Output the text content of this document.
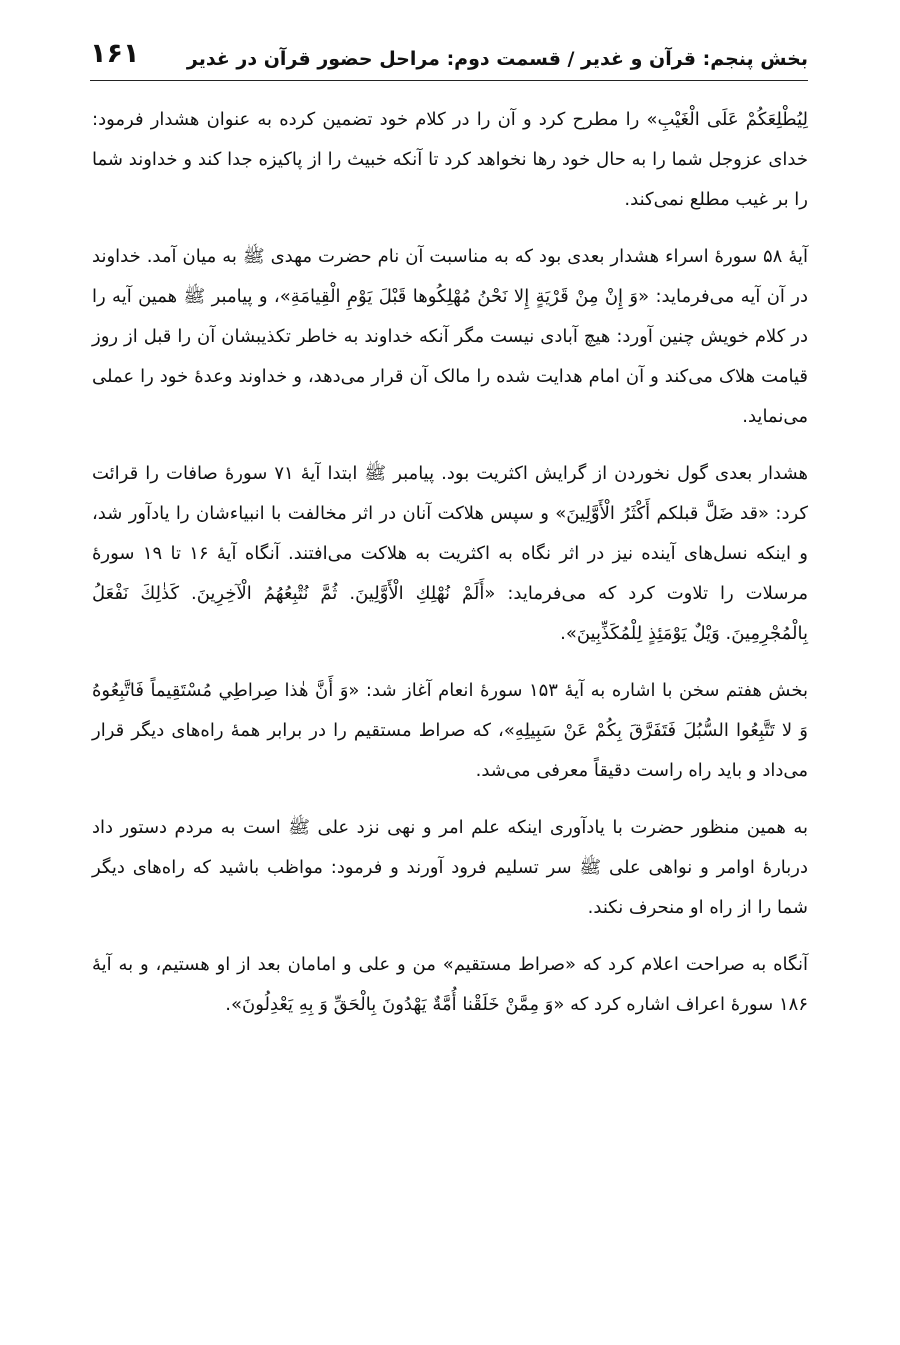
بخش پنجم: قرآن و غدیر / قسمت دوم: مراحل حضور قرآن در غدیر
۱۶۱

لِيُطْلِعَكُمْ عَلَى الْغَيْبِ» را مطرح کرد و آن را در کلام خود تضمین کرده به عنوان هشدار فرمود: خدای عزوجل شما را به حال خود رها نخواهد کرد تا آنکه خبیث را از پاکیزه جدا کند و خداوند شما را بر غیب مطلع نمی‌کند.

آیهٔ ۵۸ سورهٔ اسراء هشدار بعدی بود که به مناسبت آن نام حضرت مهدی ﷺ به میان آمد. خداوند در آن آیه می‌فرماید: «وَ إِنْ مِنْ قَرْيَةٍ إِلا نَحْنُ مُهْلِكُوها قَبْلَ يَوْمِ الْقِيامَةِ»، و پیامبر ﷺ همین آیه را در کلام خویش چنین آورد: هیچ آبادی نیست مگر آنکه خداوند به خاطر تکذیبشان آن را قبل از روز قیامت هلاک می‌کند و آن امام هدایت شده را مالک آن قرار می‌دهد، و خداوند وعدهٔ خود را عملی می‌نماید.

هشدار بعدی گول نخوردن از گرایش اکثریت بود. پیامبر ﷺ ابتدا آیهٔ ۷۱ سورهٔ صافات را قرائت کرد: «قد ضَلَّ قبلکم أَكْثَرُ الْأَوَّلِينَ» و سپس هلاکت آنان در اثر مخالفت با انبیاءشان را یادآور شد، و اینکه نسل‌های آینده نیز در اثر نگاه به اکثریت به هلاکت می‌افتند. آنگاه آیهٔ ۱۶ تا ۱۹ سورهٔ مرسلات را تلاوت کرد که می‌فرماید: «أَلَمْ نُهْلِكِ الْأَوَّلِينَ. ثُمَّ نُتْبِعُهُمُ الْآخِرِينَ. كَذٰلِكَ نَفْعَلُ بِالْمُجْرِمِينَ. وَيْلٌ يَوْمَئِذٍ لِلْمُكَذِّبِينَ».

بخش هفتم سخن با اشاره به آیهٔ ۱۵۳ سورهٔ انعام آغاز شد: «وَ أَنَّ هٰذا صِراطِي مُسْتَقِيماً فَاتَّبِعُوهُ وَ لا تَتَّبِعُوا السُّبُلَ فَتَفَرَّقَ بِكُمْ عَنْ سَبِيلِهِ»، که صراط مستقیم را در برابر همهٔ راه‌های دیگر قرار می‌داد و باید راه راست دقیقاً معرفی می‌شد.

به همین منظور حضرت با یادآوری اینکه علم امر و نهی نزد علی ﷺ است به مردم دستور داد دربارهٔ اوامر و نواهی علی ﷺ سر تسلیم فرود آورند و فرمود: مواظب باشید که راه‌های دیگر شما را از راه او منحرف نکند.

آنگاه به صراحت اعلام کرد که «صراط مستقیم» من و علی و امامان بعد از او هستیم، و به آیهٔ ۱۸۶ سورهٔ اعراف اشاره کرد که «وَ مِمَّنْ خَلَقْنا أُمَّةٌ يَهْدُونَ بِالْحَقِّ وَ بِهِ يَعْدِلُونَ».
